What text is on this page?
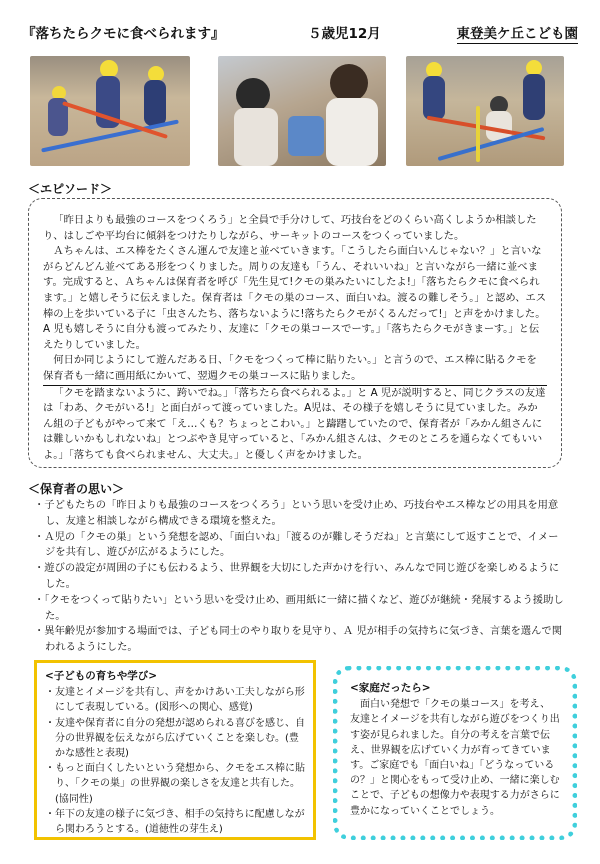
『落ちたらクモに食べられます』	５歳児12月	東登美ケ丘こども園
＜エピソード＞

「昨日よりも最強のコースをつくろう」と全員で手分けして、巧技台をどのくらい高くしようか相談したり、はしごや平均台に傾斜をつけたりしながら、サーキットのコースをつくっていました。

Ａちゃんは、エス棒をたくさん運んで友達と並べていきます。「こうしたら面白いんじゃない？」と言いながらどんどん並べてある形をつくりました。周りの友達も「うん、それいいね」と言いながら一緒に並べます。完成すると、Ａちゃんは保育者を呼び「先生見て!クモの巣みたいにしたよ!」「落ちたらクモに食べられます。」と嬉しそうに伝えました。保育者は「クモの巣のコース、面白いね。渡るの難しそう。」と認め、エス棒の上を歩いている子に「虫さんたち、落ちないように!落ちたらクモがくるんだって!」と声をかけました。A 児も嬉しそうに自分も渡ってみたり、友達に「クモの巣コースでーす。」「落ちたらクモがきまーす。」と伝えたりしていました。

何日か同じようにして遊んだある日、「クモをつくって棒に貼りたい。」と言うので、エス棒に貼るクモを保育者も一緒に画用紙にかいて、翌週クモの巣コースに貼りました。

「クモを踏まないように、跨いでね。」「落ちたら食べられるよ。」と A 児が説明すると、同じクラスの友達は「わあ、クモがいる!」と面白がって渡っていました。A児は、その様子を嬉しそうに見ていました。みかん組の子どもがやって来て「え…くも？ちょっとこわい。」と躊躇していたので、保育者が「みかん組さんには難しいかもしれないね」とつぶやき見守っていると、「みかん組さんは、クモのところを通らなくてもいいよ。」「落ちても食べられません、大丈夫。」と優しく声をかけました。

＜保育者の思い＞
・子どもたちの「昨日よりも最強のコースをつくろう」という思いを受け止め、巧技台やエス棒などの用具を用意し、友達と相談しながら構成できる環境を整えた。
・Ａ児の「クモの巣」という発想を認め、「面白いね」「渡るのが難しそうだね」と言葉にして返すことで、イメージを共有し、遊びが広がるようにした。
・遊びの設定が周囲の子にも伝わるよう、世界観を大切にした声かけを行い、みんなで同じ遊びを楽しめるようにした。
・「クモをつくって貼りたい」という思いを受け止め、画用紙に一緒に描くなど、遊びが継続・発展するよう援助した。
・異年齢児が参加する場面では、子ども同士のやり取りを見守り、Ａ 児が相手の気持ちに気づき、言葉を選んで関われるようにした。
<子どもの育ちや学び>
・友達とイメージを共有し、声をかけあい工夫しながら形にして表現している。(図形への関心、感覚)
・友達や保育者に自分の発想が認められる喜びを感じ、自分の世界観を伝えながら広げていくことを楽しむ。(豊かな感性と表現)
・もっと面白くしたいという発想から、クモをエス棒に貼り、「クモの巣」の世界観の楽しさを友達と共有した。(協同性)
・年下の友達の様子に気づき、相手の気持ちに配慮しながら関わろうとする。(道徳性の芽生え)
<家庭だったら>

面白い発想で「クモの巣コース」を考え、友達とイメージを共有しながら遊びをつくり出す姿が見られました。自分の考えを言葉で伝え、世界観を広げていく力が育ってきています。ご家庭でも「面白いね」「どうなっているの？」と関心をもって受け止め、一緒に楽しむことで、子どもの想像力や表現する力がさらに豊かになっていくことでしょう。
